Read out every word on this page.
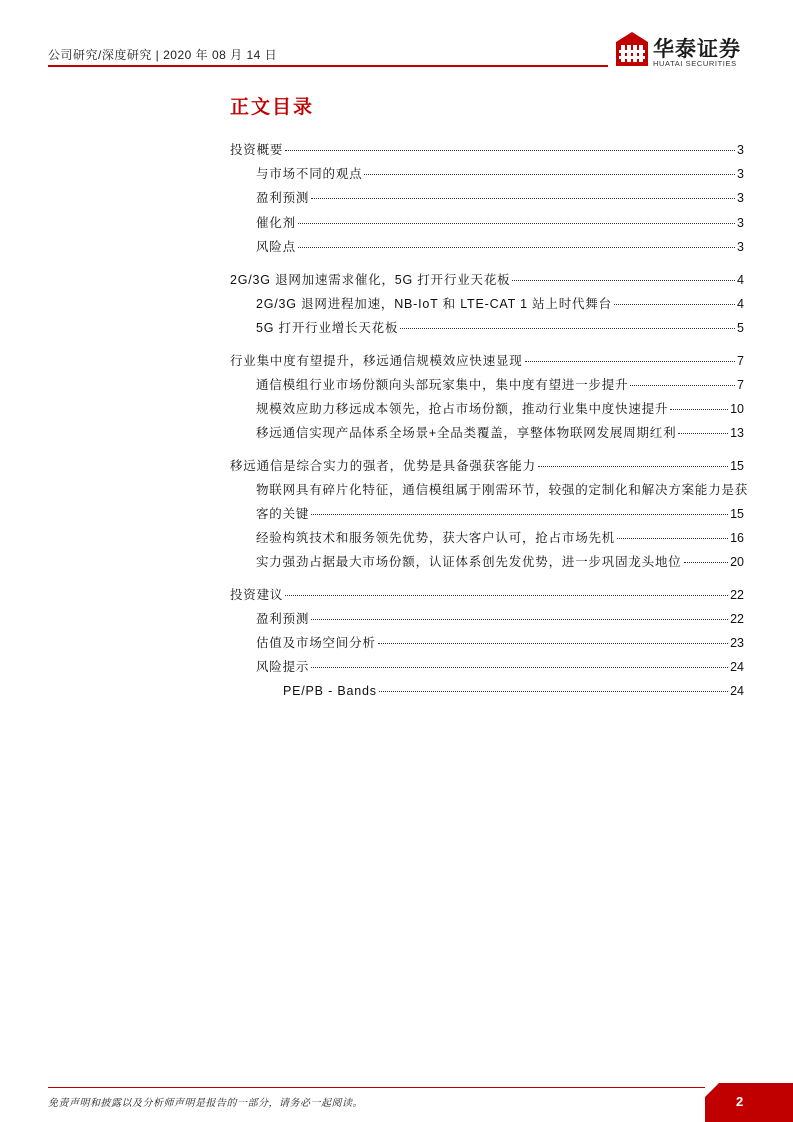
公司研究/深度研究 | 2020 年 08 月 14 日	华泰证券
HUATAI SECURITIES
正文目录
投资概要	3
与市场不同的观点	3
盈利预测	3
催化剂	3
风险点	3
2G/3G 退网加速需求催化，5G 打开行业天花板	4
2G/3G 退网进程加速，NB-IoT 和 LTE-CAT 1 站上时代舞台	4
5G 打开行业增长天花板	5
行业集中度有望提升，移远通信规模效应快速显现	7
通信模组行业市场份额向头部玩家集中，集中度有望进一步提升	7
规模效应助力移远成本领先，抢占市场份额，推动行业集中度快速提升	10
移远通信实现产品体系全场景+全品类覆盖，享整体物联网发展周期红利	13
移远通信是综合实力的强者，优势是具备强获客能力	15
物联网具有碎片化特征，通信模组属于刚需环节，较强的定制化和解决方案能力是获
客的关键	15
经验构筑技术和服务领先优势，获大客户认可，抢占市场先机	16
实力强劲占据最大市场份额，认证体系创先发优势，进一步巩固龙头地位	20
投资建议	22
盈利预测	22
估值及市场空间分析	23
风险提示	24
PE/PB - Bands	24
免责声明和披露以及分析师声明是报告的一部分，请务必一起阅读。	2
